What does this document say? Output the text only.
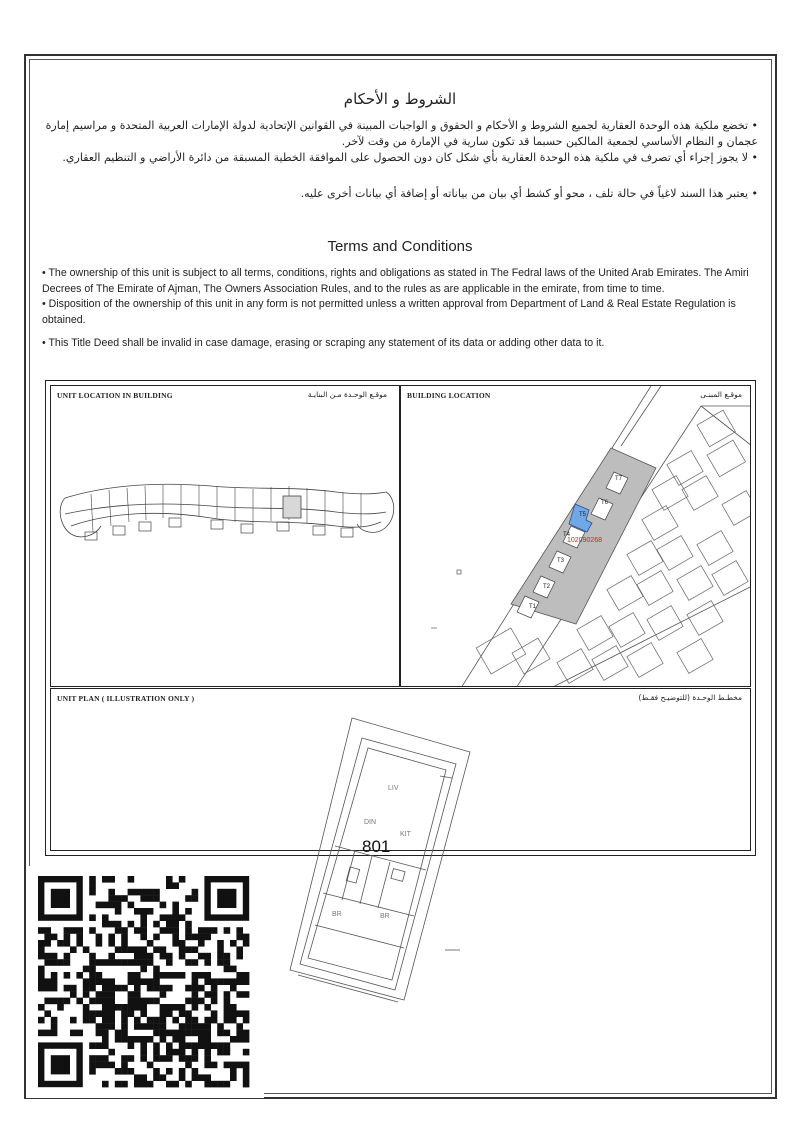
الشروط و الأحكام
• تخضع ملكية هذه الوحدة العقارية لجميع الشروط و الأحكام و الحقوق و الواجبات المبينة في القوانين الإتحادية لدولة الإمارات العربية المتحدة و مراسيم إمارة عجمان و النظام الأساسي لجمعية المالكين حسبما قد تكون سارية في الإمارة من وقت لآخر.
• لا يجوز إجراء أي تصرف في ملكية هذه الوحدة العقارية بأي شكل كان دون الحصول على الموافقة الخطية المسبقة من دائرة الأراضي و التنظيم العقاري.
• يعتبر هذا السند لاغياً في حالة تلف ، محو أو كشط أي بيان من بياناته أو إضافة أي بيانات أخرى عليه.
Terms and Conditions
• The ownership of this unit is subject to all terms, conditions, rights and obligations as stated in The Fedral laws of the United Arab Emirates. The Amiri Decrees of The Emirate of Ajman, The Owners Association Rules, and to the rules as are applicable in the emirate, from time to time.
• Disposition of the ownership of this unit in any form is not permitted unless a written approval from Department of Land & Real Estate Regulation is obtained.
• This Title Deed shall be invalid in case damage, erasing or scraping any statement of its data or adding other data to it.
UNIT LOCATION IN BUILDING	موقـع الوحـدة مـن البنايـة	BUILDING LOCATION	موقـع المبنـى
T1
T2
T3
T4
T5
T6
T7
102090268
UNIT PLAN ( ILLUSTRATION ONLY )	مخطـط الوحـدة (للتوضيـح فقـط)
LIV
DIN
KIT
BR	BR
801
